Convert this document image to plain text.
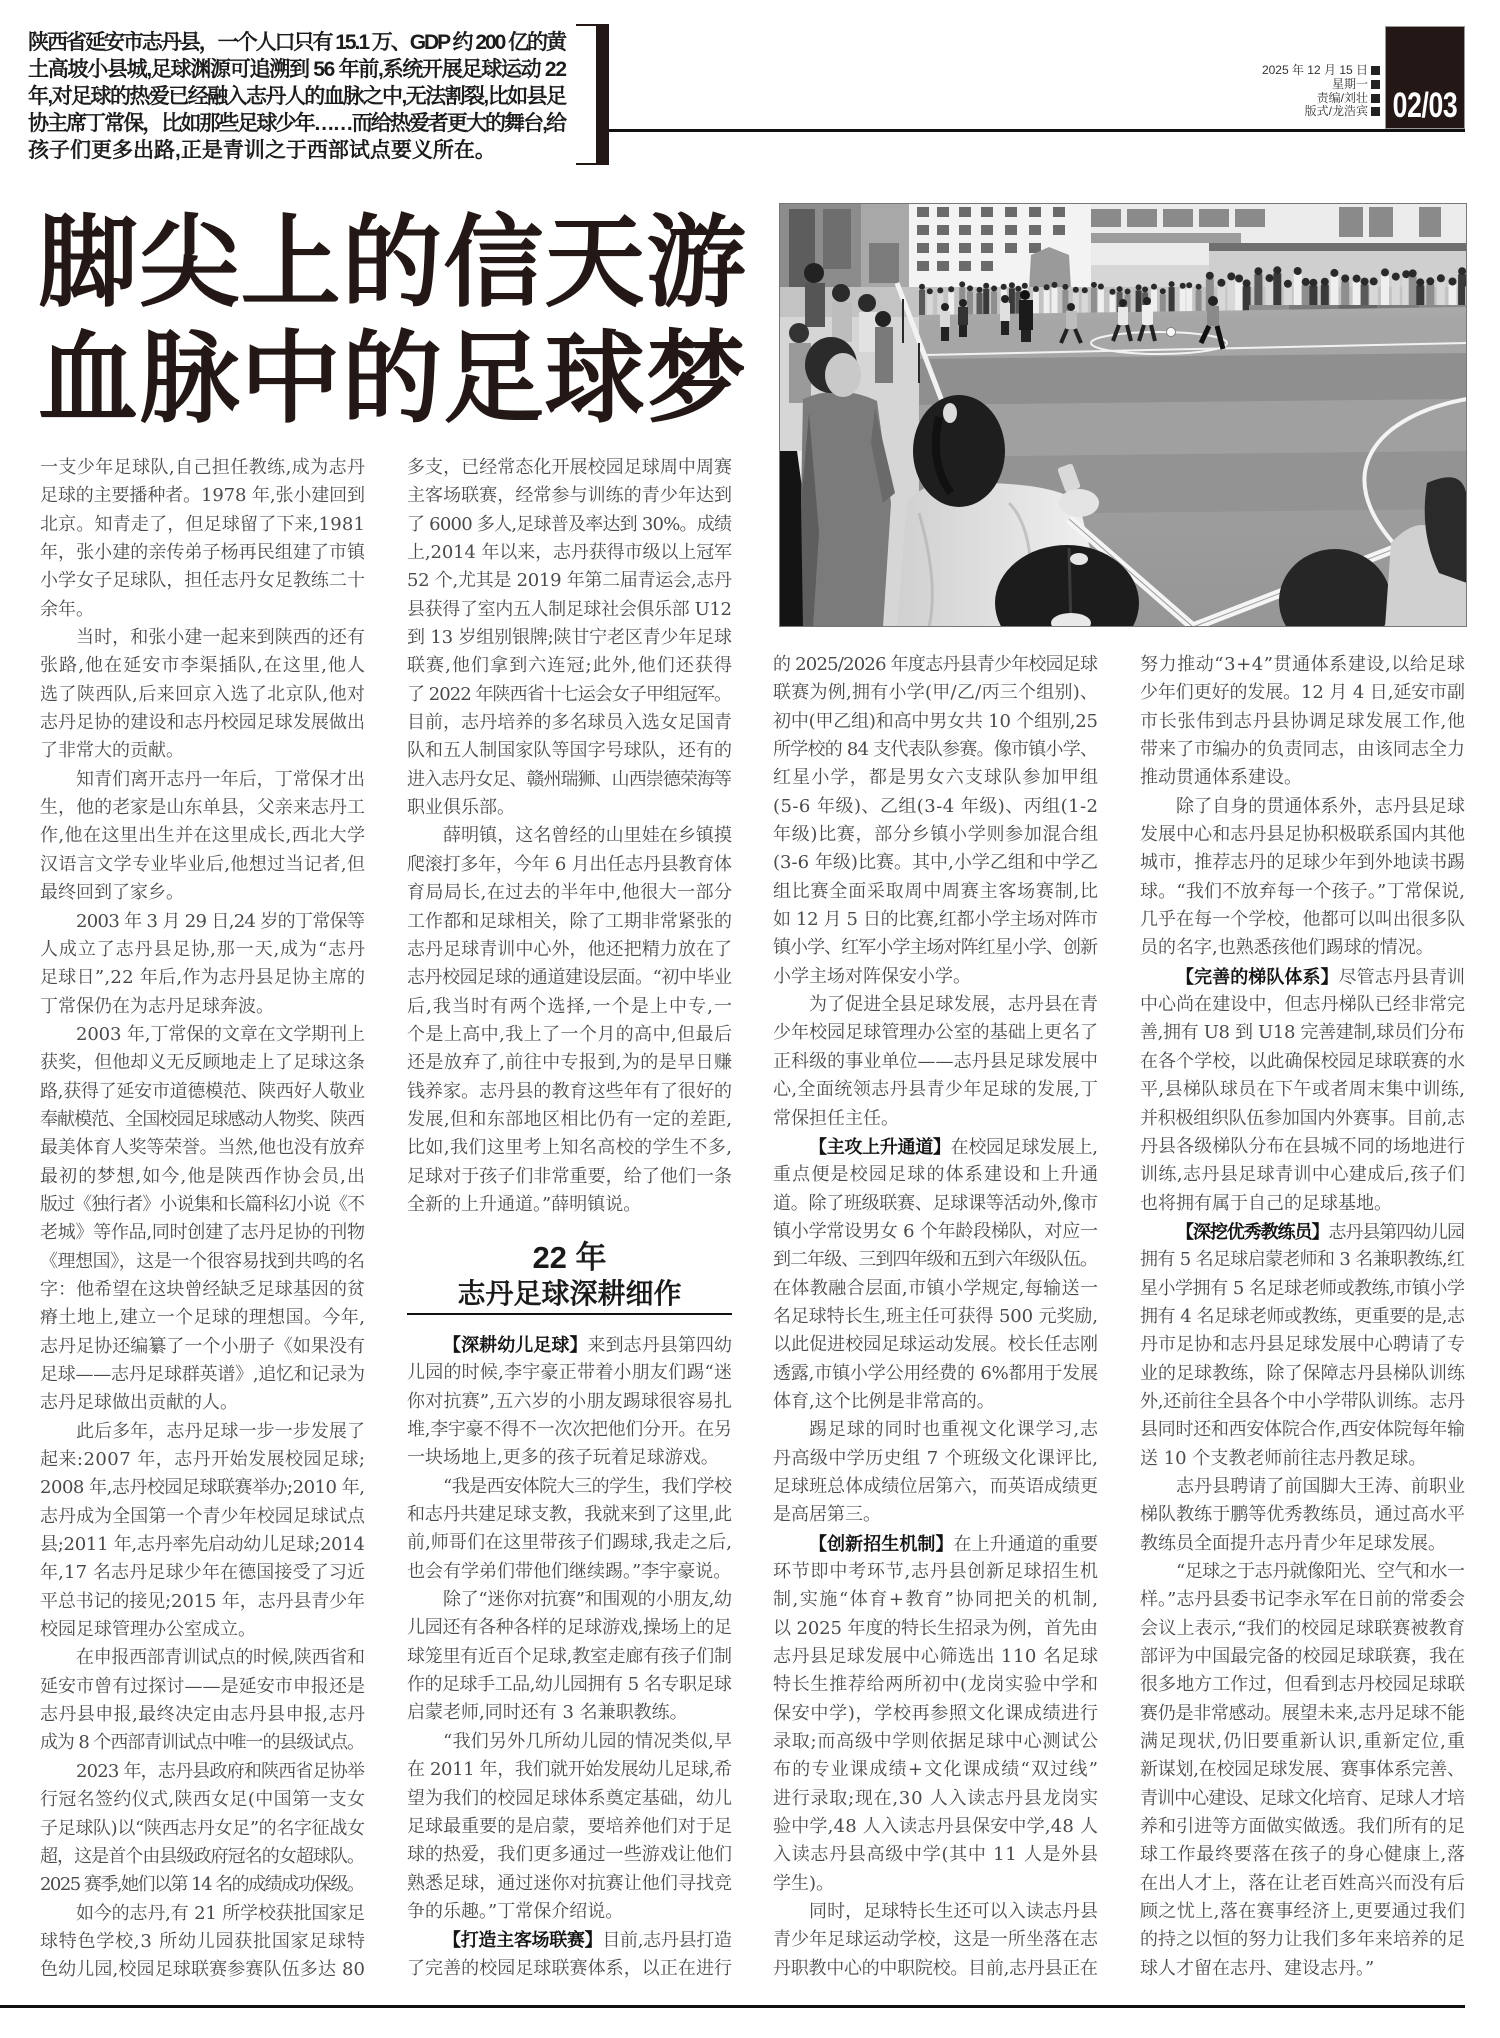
陕西省延安市志丹县，一个人口只有 15.1 万、GDP 约 200 亿的黄
土高坡小县城,足球渊源可追溯到 56 年前,系统开展足球运动 22
年,对足球的热爱已经融入志丹人的血脉之中,无法割裂,比如县足
协主席丁常保，比如那些足球少年……而给热爱者更大的舞台,给
孩子们更多出路,正是青训之于西部试点要义所在。
2025 年 12 月 15 日
星期一
责编/刘壮
版式/龙浩宾 02/03
脚尖上的信天游
血脉中的足球梦
一支少年足球队,自己担任教练,成为志丹
足球的主要播种者。1978 年,张小建回到
北京。知青走了，但足球留了下来,1981
年，张小建的亲传弟子杨再民组建了市镇
小学女子足球队，担任志丹女足教练二十
余年。
当时，和张小建一起来到陕西的还有
张路,他在延安市李渠插队,在这里,他人
选了陕西队,后来回京入选了北京队,他对
志丹足协的建设和志丹校园足球发展做出
了非常大的贡献。
知青们离开志丹一年后，丁常保才出
生，他的老家是山东单县，父亲来志丹工
作,他在这里出生并在这里成长,西北大学
汉语言文学专业毕业后,他想过当记者,但
最终回到了家乡。
2003 年 3 月 29 日,24 岁的丁常保等
人成立了志丹县足协,那一天,成为“志丹
足球日”,22 年后,作为志丹县足协主席的
丁常保仍在为志丹足球奔波。
2003 年,丁常保的文章在文学期刊上
获奖，但他却义无反顾地走上了足球这条
路,获得了延安市道德模范、陕西好人敬业
奉献模范、全国校园足球感动人物奖、陕西
最美体育人奖等荣誉。当然,他也没有放弃
最初的梦想,如今,他是陕西作协会员,出
版过《独行者》小说集和长篇科幻小说《不
老城》等作品,同时创建了志丹足协的刊物
《理想国》，这是一个很容易找到共鸣的名
字：他希望在这块曾经缺乏足球基因的贫
瘠土地上,建立一个足球的理想国。今年,
志丹足协还编纂了一个小册子《如果没有
足球——志丹足球群英谱》,追忆和记录为
志丹足球做出贡献的人。
此后多年，志丹足球一步一步发展了
起来:2007 年，志丹开始发展校园足球;
2008 年,志丹校园足球联赛举办;2010 年,
志丹成为全国第一个青少年校园足球试点
县;2011 年,志丹率先启动幼儿足球;2014
年,17 名志丹足球少年在德国接受了习近
平总书记的接见;2015 年，志丹县青少年
校园足球管理办公室成立。
在申报西部青训试点的时候,陕西省和
延安市曾有过探讨——是延安市申报还是
志丹县申报,最终决定由志丹县申报,志丹
成为 8 个西部青训试点中唯一的县级试点。
2023 年，志丹县政府和陕西省足协举
行冠名签约仪式,陕西女足(中国第一支女
子足球队)以“陕西志丹女足”的名字征战女
超，这是首个由县级政府冠名的女超球队。
2025 赛季,她们以第 14 名的成绩成功保级。
如今的志丹,有 21 所学校获批国家足
球特色学校,3 所幼儿园获批国家足球特
色幼儿园,校园足球联赛参赛队伍多达 80
多支，已经常态化开展校园足球周中周赛
主客场联赛，经常参与训练的青少年达到
了 6000 多人,足球普及率达到 30%。成绩
上,2014 年以来，志丹获得市级以上冠军
52 个,尤其是 2019 年第二届青运会,志丹
县获得了室内五人制足球社会俱乐部 U12
到 13 岁组别银牌;陕甘宁老区青少年足球
联赛,他们拿到六连冠;此外,他们还获得
了 2022 年陕西省十七运会女子甲组冠军。
目前，志丹培养的多名球员入选女足国青
队和五人制国家队等国字号球队，还有的
进入志丹女足、赣州瑞狮、山西崇德荣海等
职业俱乐部。
薛明镇，这名曾经的山里娃在乡镇摸
爬滚打多年，今年 6 月出任志丹县教育体
育局局长,在过去的半年中,他很大一部分
工作都和足球相关，除了工期非常紧张的
志丹足球青训中心外，他还把精力放在了
志丹校园足球的通道建设层面。“初中毕业
后,我当时有两个选择,一个是上中专,一
个是上高中,我上了一个月的高中,但最后
还是放弃了,前往中专报到,为的是早日赚
钱养家。志丹县的教育这些年有了很好的
发展,但和东部地区相比仍有一定的差距,
比如,我们这里考上知名高校的学生不多,
足球对于孩子们非常重要，给了他们一条
全新的上升通道。”薛明镇说。
22 年
志丹足球深耕细作
【深耕幼儿足球】来到志丹县第四幼
儿园的时候,李宇豪正带着小朋友们踢“迷
你对抗赛”,五六岁的小朋友踢球很容易扎
堆,李宇豪不得不一次次把他们分开。在另
一块场地上,更多的孩子玩着足球游戏。
“我是西安体院大三的学生，我们学校
和志丹共建足球支教，我就来到了这里,此
前,师哥们在这里带孩子们踢球,我走之后,
也会有学弟们带他们继续踢。”李宇豪说。
除了“迷你对抗赛”和围观的小朋友,幼
儿园还有各种各样的足球游戏,操场上的足
球笼里有近百个足球,教室走廊有孩子们制
作的足球手工品,幼儿园拥有 5 名专职足球
启蒙老师,同时还有 3 名兼职教练。
“我们另外几所幼儿园的情况类似,早
在 2011 年，我们就开始发展幼儿足球,希
望为我们的校园足球体系奠定基础，幼儿
足球最重要的是启蒙，要培养他们对于足
球的热爱，我们更多通过一些游戏让他们
熟悉足球，通过迷你对抗赛让他们寻找竞
争的乐趣。”丁常保介绍说。
【打造主客场联赛】目前,志丹县打造
了完善的校园足球联赛体系，以正在进行
的 2025/2026 年度志丹县青少年校园足球
联赛为例,拥有小学(甲/乙/丙三个组别)、
初中(甲乙组)和高中男女共 10 个组别,25
所学校的 84 支代表队参赛。像市镇小学、
红星小学，都是男女六支球队参加甲组
(5-6 年级)、乙组(3-4 年级)、丙组(1-2
年级)比赛，部分乡镇小学则参加混合组
(3-6 年级)比赛。其中,小学乙组和中学乙
组比赛全面采取周中周赛主客场赛制,比
如 12 月 5 日的比赛,红都小学主场对阵市
镇小学、红军小学主场对阵红星小学、创新
小学主场对阵保安小学。
为了促进全县足球发展，志丹县在青
少年校园足球管理办公室的基础上更名了
正科级的事业单位——志丹县足球发展中
心,全面统领志丹县青少年足球的发展,丁
常保担任主任。
【主攻上升通道】在校园足球发展上,
重点便是校园足球的体系建设和上升通
道。除了班级联赛、足球课等活动外,像市
镇小学常设男女 6 个年龄段梯队，对应一
到二年级、三到四年级和五到六年级队伍。
在体教融合层面,市镇小学规定,每输送一
名足球特长生,班主任可获得 500 元奖励,
以此促进校园足球运动发展。校长任志刚
透露,市镇小学公用经费的 6%都用于发展
体育,这个比例是非常高的。
踢足球的同时也重视文化课学习,志
丹高级中学历史组 7 个班级文化课评比,
足球班总体成绩位居第六，而英语成绩更
是高居第三。
【创新招生机制】在上升通道的重要
环节即中考环节,志丹县创新足球招生机
制,实施“体育+教育”协同把关的机制,
以 2025 年度的特长生招录为例，首先由
志丹县足球发展中心筛选出 110 名足球
特长生推荐给两所初中(龙岗实验中学和
保安中学)，学校再参照文化课成绩进行
录取;而高级中学则依据足球中心测试公
布的专业课成绩+文化课成绩“双过线”
进行录取;现在,30 人入读志丹县龙岗实
验中学,48 人入读志丹县保安中学,48 人
入读志丹县高级中学(其中 11 人是外县
学生)。
同时，足球特长生还可以入读志丹县
青少年足球运动学校，这是一所坐落在志
丹职教中心的中职院校。目前,志丹县正在
努力推动“3+4”贯通体系建设,以给足球
少年们更好的发展。12 月 4 日,延安市副
市长张伟到志丹县协调足球发展工作,他
带来了市编办的负责同志，由该同志全力
推动贯通体系建设。
除了自身的贯通体系外，志丹县足球
发展中心和志丹县足协积极联系国内其他
城市，推荐志丹的足球少年到外地读书踢
球。“我们不放弃每一个孩子。”丁常保说,
几乎在每一个学校，他都可以叫出很多队
员的名字,也熟悉孩他们踢球的情况。
【完善的梯队体系】尽管志丹县青训
中心尚在建设中，但志丹梯队已经非常完
善,拥有 U8 到 U18 完善建制,球员们分布
在各个学校，以此确保校园足球联赛的水
平,县梯队球员在下午或者周末集中训练,
并积极组织队伍参加国内外赛事。目前,志
丹县各级梯队分布在县城不同的场地进行
训练,志丹县足球青训中心建成后,孩子们
也将拥有属于自己的足球基地。
【深挖优秀教练员】志丹县第四幼儿园
拥有 5 名足球启蒙老师和 3 名兼职教练,红
星小学拥有 5 名足球老师或教练,市镇小学
拥有 4 名足球老师或教练，更重要的是,志
丹市足协和志丹县足球发展中心聘请了专
业的足球教练，除了保障志丹县梯队训练
外,还前往全县各个中小学带队训练。志丹
县同时还和西安体院合作,西安体院每年输
送 10 个支教老师前往志丹教足球。
志丹县聘请了前国脚大王涛、前职业
梯队教练于鹏等优秀教练员，通过高水平
教练员全面提升志丹青少年足球发展。
“足球之于志丹就像阳光、空气和水一
样。”志丹县委书记李永军在日前的常委会
会议上表示,“我们的校园足球联赛被教育
部评为中国最完备的校园足球联赛，我在
很多地方工作过，但看到志丹校园足球联
赛仍是非常感动。展望未来,志丹足球不能
满足现状,仍旧要重新认识,重新定位,重
新谋划,在校园足球发展、赛事体系完善、
青训中心建设、足球文化培育、足球人才培
养和引进等方面做实做透。我们所有的足
球工作最终要落在孩子的身心健康上,落
在出人才上，落在让老百姓高兴而没有后
顾之忧上,落在赛事经济上,更要通过我们
的持之以恒的努力让我们多年来培养的足
球人才留在志丹、建设志丹。”
